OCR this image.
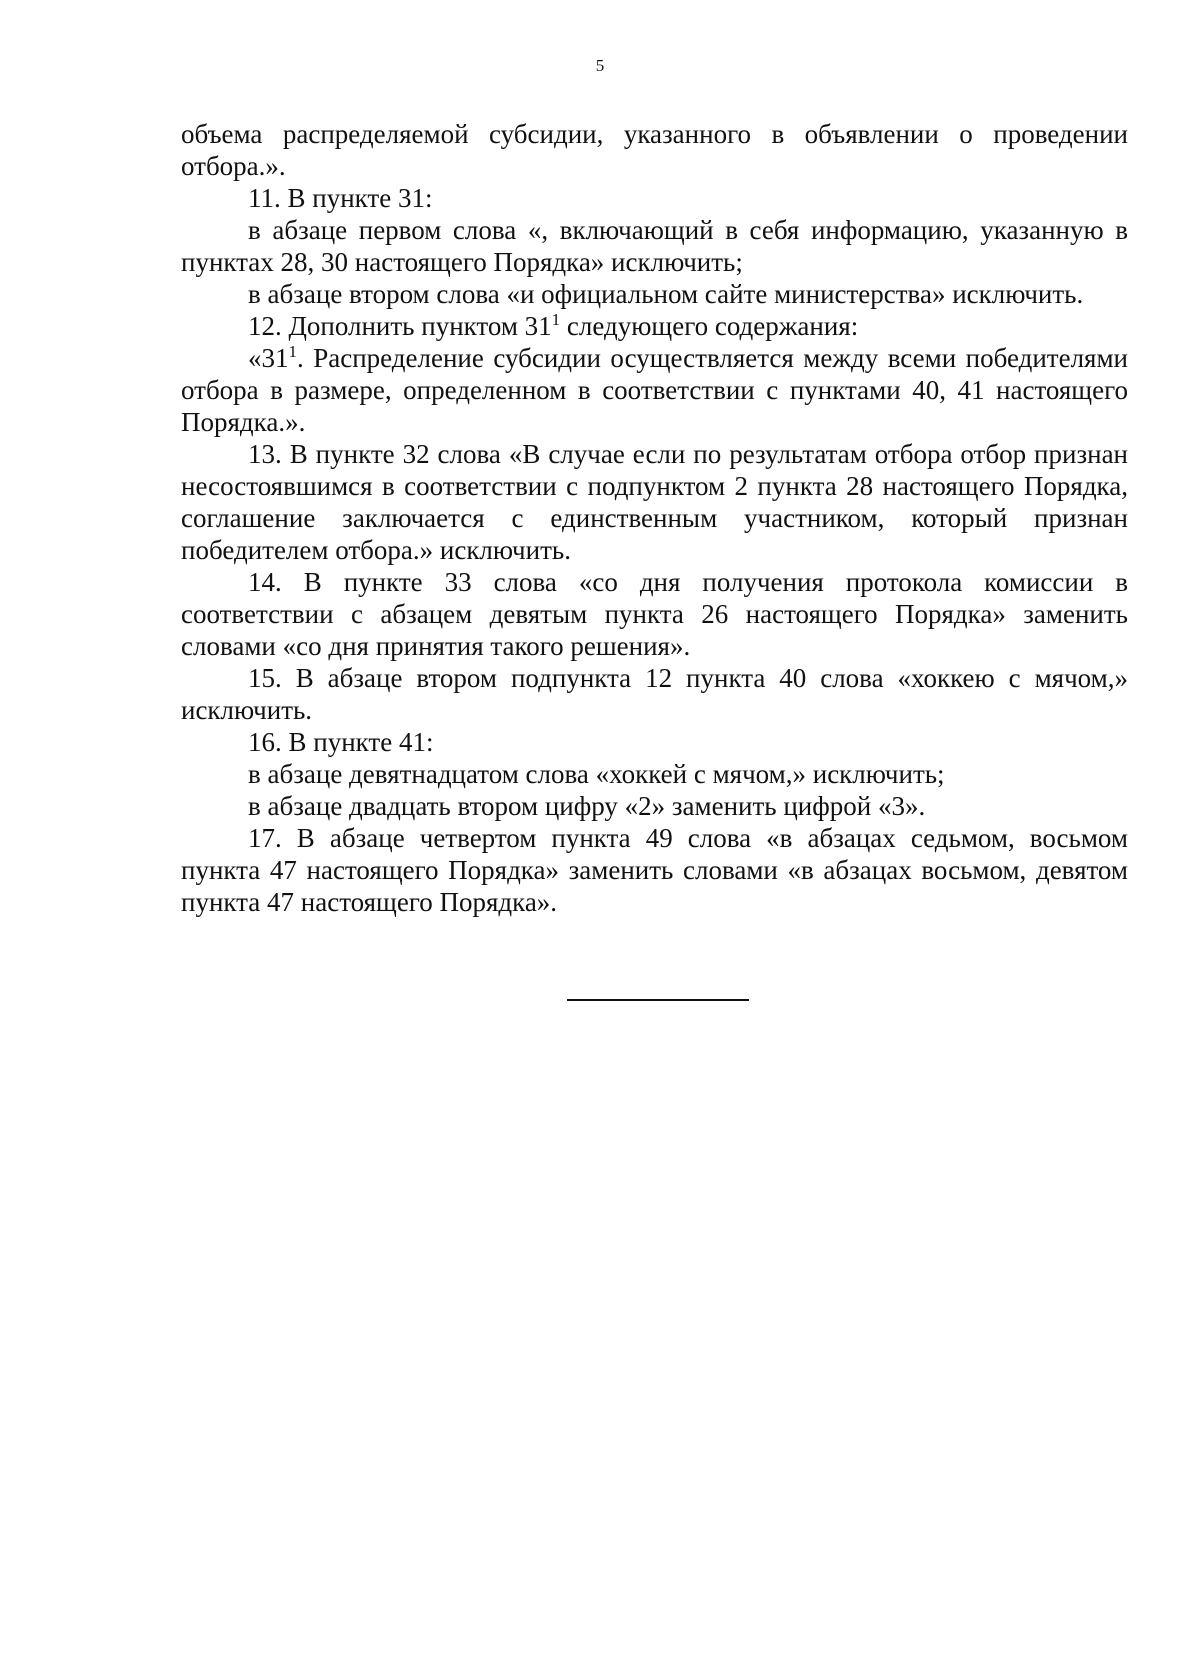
5

объема распределяемой субсидии, указанного в объявлении о проведении отбора.».

11. В пункте 31:

в абзаце первом слова «, включающий в себя информацию, указанную в пунктах 28, 30 настоящего Порядка» исключить;

в абзаце втором слова «и официальном сайте министерства» исключить.

12. Дополнить пунктом $31^1$ следующего содержания:

«$31^1$. Распределение субсидии осуществляется между всеми победителями отбора в размере, определенном в соответствии с пунктами 40, 41 настоящего Порядка.».

13. В пункте 32 слова «В случае если по результатам отбора отбор признан несостоявшимся в соответствии с подпунктом 2 пункта 28 настоящего Порядка, соглашение заключается с единственным участником, который признан победителем отбора.» исключить.

14. В пункте 33 слова «со дня получения протокола комиссии в соответствии с абзацем девятым пункта 26 настоящего Порядка» заменить словами «со дня принятия такого решения».

15. В абзаце втором подпункта 12 пункта 40 слова «хоккею с мячом,» исключить.

16. В пункте 41:

в абзаце девятнадцатом слова «хоккей с мячом,» исключить;

в абзаце двадцать втором цифру «2» заменить цифрой «3».

17. В абзаце четвертом пункта 49 слова «в абзацах седьмом, восьмом пункта 47 настоящего Порядка» заменить словами «в абзацах восьмом, девятом пункта 47 настоящего Порядка».
